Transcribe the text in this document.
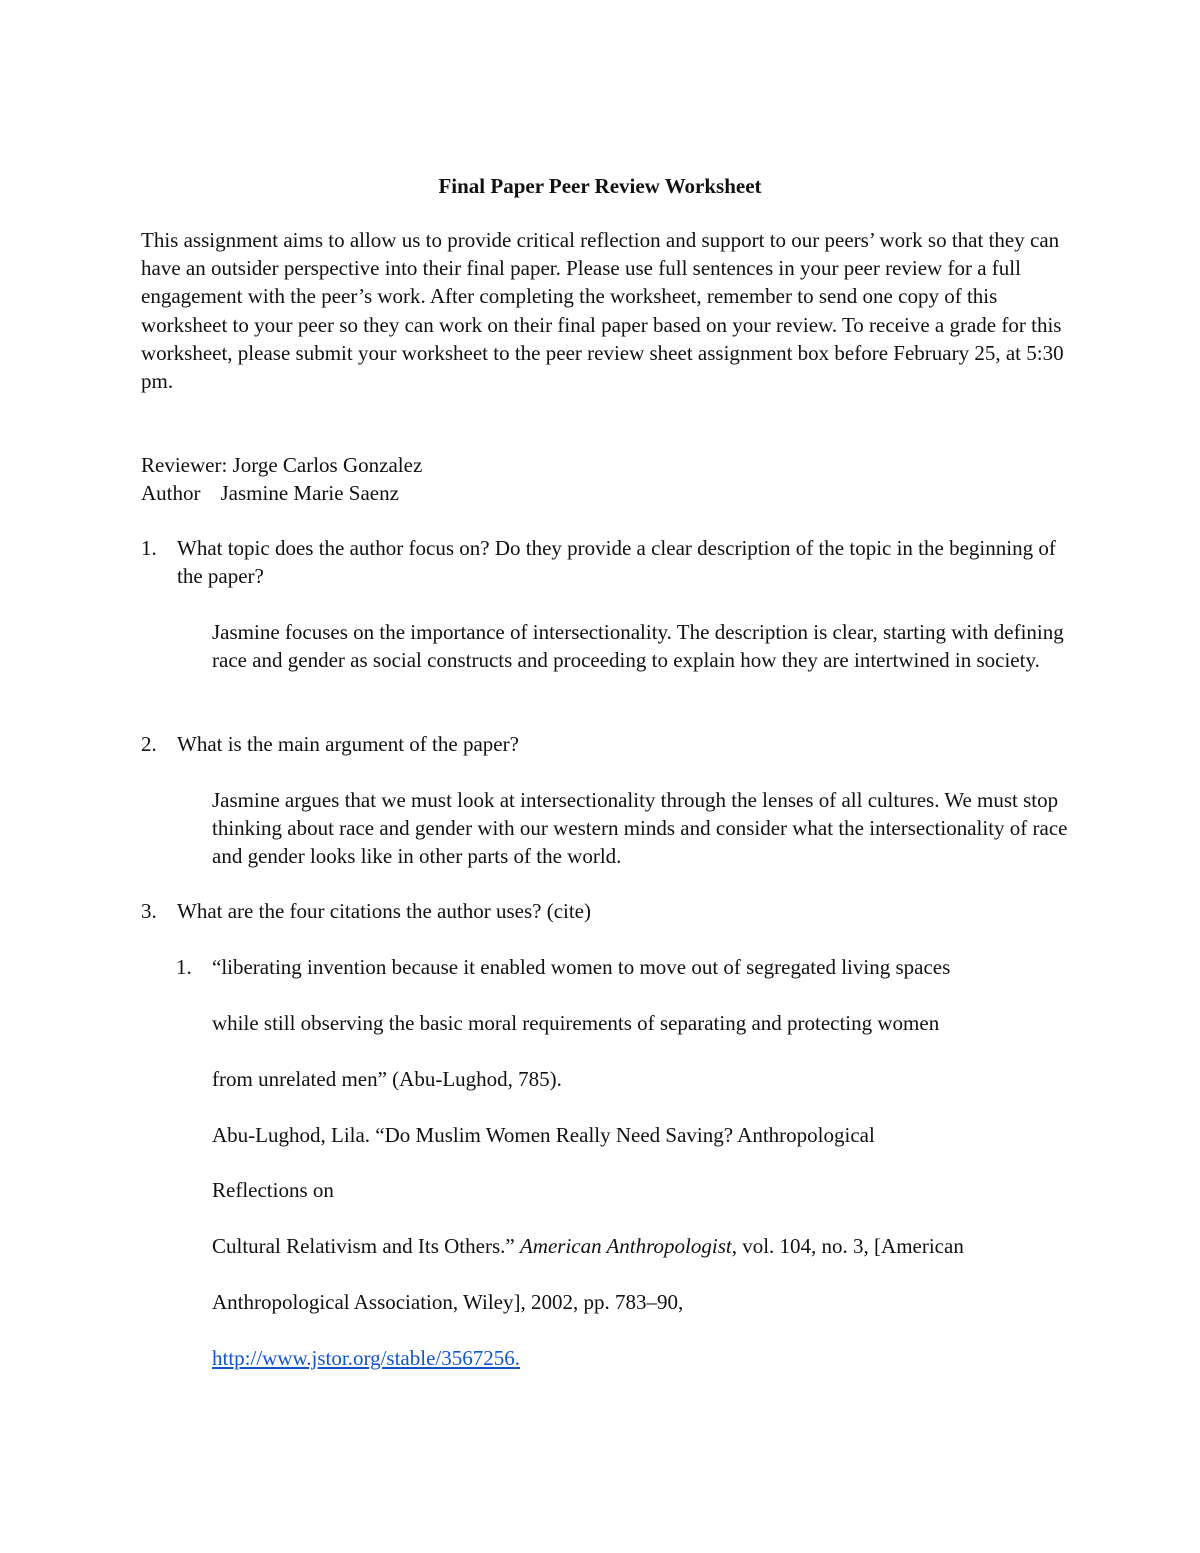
Final Paper Peer Review Worksheet

This assignment aims to allow us to provide critical reflection and support to our peers’ work so that they can have an outsider perspective into their final paper. Please use full sentences in your peer review for a full engagement with the peer’s work. After completing the worksheet, remember to send one copy of this worksheet to your peer so they can work on their final paper based on your review. To receive a grade for this worksheet, please submit your worksheet to the peer review sheet assignment box before February 25, at 5:30 pm.

Reviewer: Jorge Carlos Gonzalez
Author Jasmine Marie Saenz
1. What topic does the author focus on? Do they provide a clear description of the topic in the beginning of the paper?

Jasmine focuses on the importance of intersectionality. The description is clear, starting with defining race and gender as social constructs and proceeding to explain how they are intertwined in society.

2. What is the main argument of the paper?

Jasmine argues that we must look at intersectionality through the lenses of all cultures. We must stop thinking about race and gender with our western minds and consider what the intersectionality of race and gender looks like in other parts of the world.

3. What are the four citations the author uses? (cite)
1. “liberating invention because it enabled women to move out of segregated living spaces
while still observing the basic moral requirements of separating and protecting women
from unrelated men” (Abu-Lughod, 785).
Abu-Lughod, Lila. “Do Muslim Women Really Need Saving? Anthropological
Reflections on
Cultural Relativism and Its Others.” American Anthropologist, vol. 104, no. 3, [American
Anthropological Association, Wiley], 2002, pp. 783–90,
http://www.jstor.org/stable/3567256.
